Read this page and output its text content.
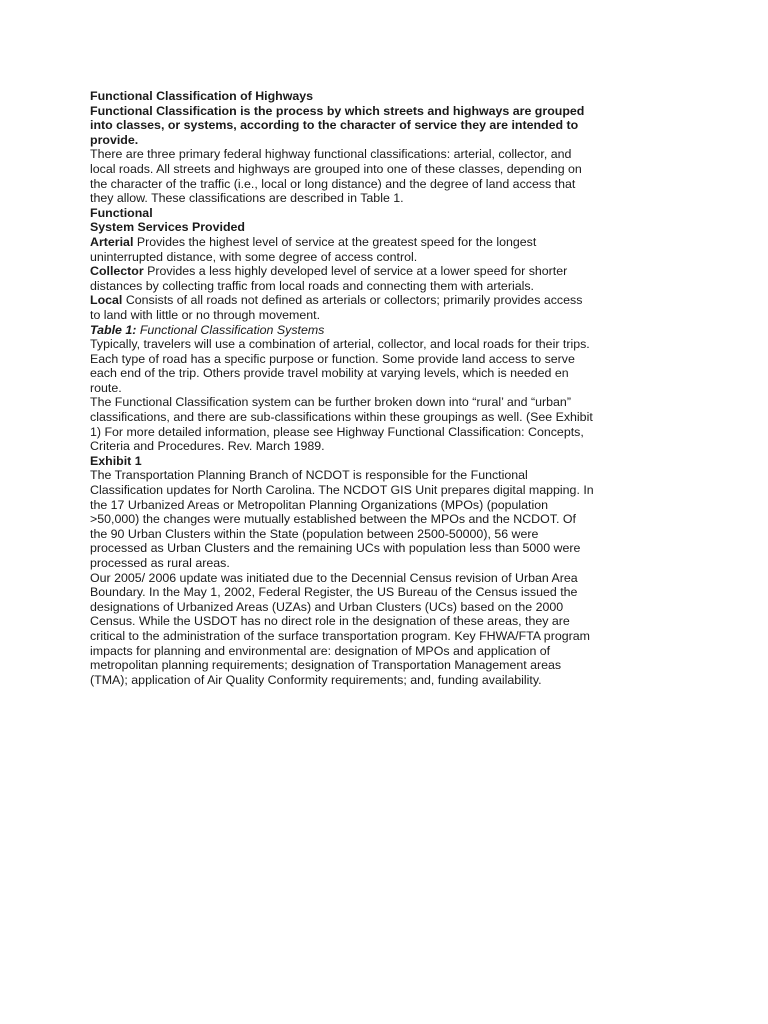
Functional Classification of Highways

Functional Classification is the process by which streets and highways are grouped into classes, or systems, according to the character of service they are intended to provide.

There are three primary federal highway functional classifications: arterial, collector, and local roads. All streets and highways are grouped into one of these classes, depending on the character of the traffic (i.e., local or long distance) and the degree of land access that they allow. These classifications are described in Table 1.

Functional

System Services Provided

Arterial Provides the highest level of service at the greatest speed for the longest uninterrupted distance, with some degree of access control.

Collector Provides a less highly developed level of service at a lower speed for shorter distances by collecting traffic from local roads and connecting them with arterials.

Local Consists of all roads not defined as arterials or collectors; primarily provides access to land with little or no through movement.

Table 1: Functional Classification Systems

Typically, travelers will use a combination of arterial, collector, and local roads for their trips. Each type of road has a specific purpose or function. Some provide land access to serve each end of the trip. Others provide travel mobility at varying levels, which is needed en route.

The Functional Classification system can be further broken down into “rural’ and “urban” classifications, and there are sub-classifications within these groupings as well. (See Exhibit 1) For more detailed information, please see Highway Functional Classification: Concepts, Criteria and Procedures. Rev. March 1989.

Exhibit 1

The Transportation Planning Branch of NCDOT is responsible for the Functional Classification updates for North Carolina. The NCDOT GIS Unit prepares digital mapping. In the 17 Urbanized Areas or Metropolitan Planning Organizations (MPOs) (population >50,000) the changes were mutually established between the MPOs and the NCDOT. Of the 90 Urban Clusters within the State (population between 2500-50000), 56 were processed as Urban Clusters and the remaining UCs with population less than 5000 were processed as rural areas.

Our 2005/ 2006 update was initiated due to the Decennial Census revision of Urban Area Boundary. In the May 1, 2002, Federal Register, the US Bureau of the Census issued the designations of Urbanized Areas (UZAs) and Urban Clusters (UCs) based on the 2000 Census. While the USDOT has no direct role in the designation of these areas, they are critical to the administration of the surface transportation program. Key FHWA/FTA program impacts for planning and environmental are: designation of MPOs and application of metropolitan planning requirements; designation of Transportation Management areas (TMA); application of Air Quality Conformity requirements; and, funding availability.
